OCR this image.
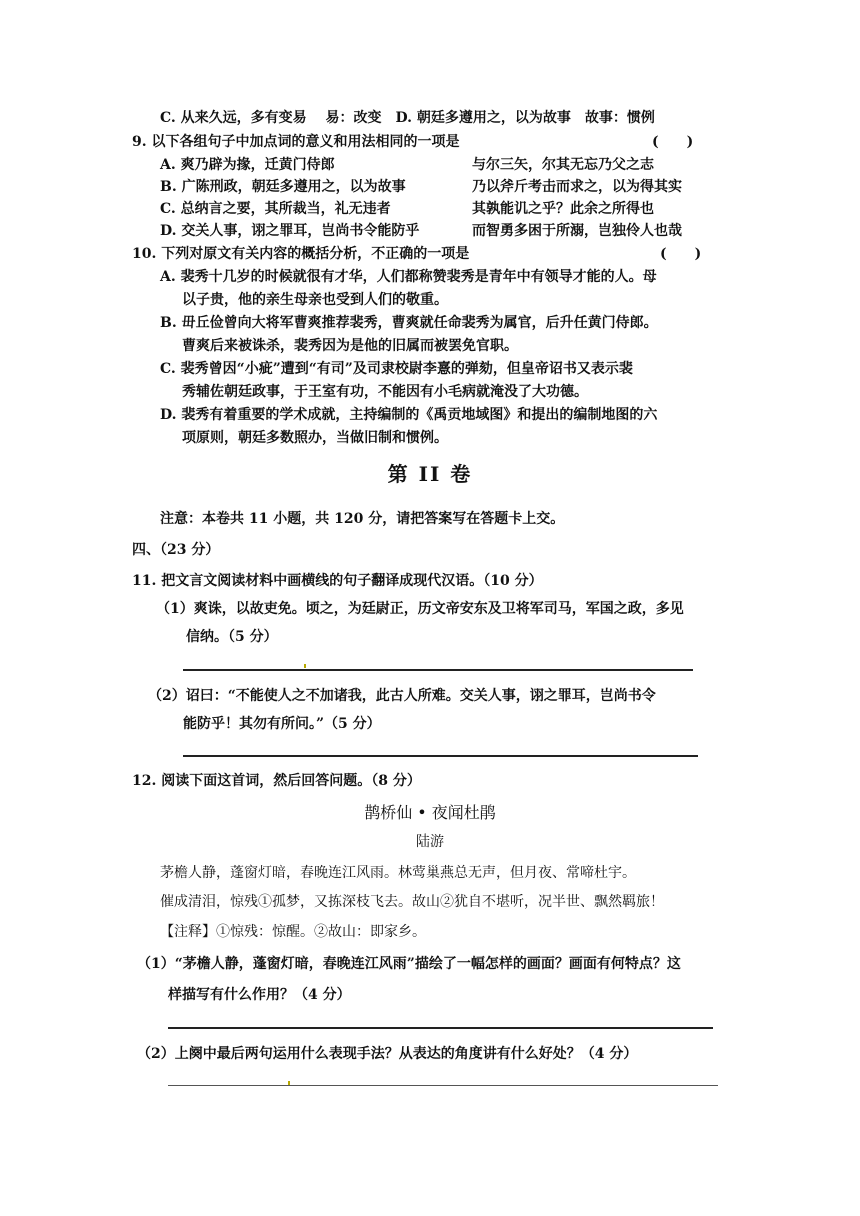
C. 从来久远，多有变易　 易：改变　D. 朝廷多遵用之，以为故事　故事：惯例
9. 以下各组句子中加点词的意义和用法相同的一项是	(　　)
A. 爽乃辟为掾，迁黄门侍郎	与尔三矢，尔其无忘乃父之志
B. 广陈刑政，朝廷多遵用之，以为故事	乃以斧斤考击而求之，以为得其实
C. 总纳言之要，其所裁当，礼无违者	其孰能讥之乎？此余之所得也
D. 交关人事，诩之罪耳，岂尚书令能防乎	而智勇多困于所溺，岂独伶人也哉
10. 下列对原文有关内容的概括分析，不正确的一项是	(　　)
A. 裴秀十几岁的时候就很有才华，人们都称赞裴秀是青年中有领导才能的人。母
以子贵，他的亲生母亲也受到人们的敬重。
B. 毌丘俭曾向大将军曹爽推荐裴秀，曹爽就任命裴秀为属官，后升任黄门侍郎。
曹爽后来被诛杀，裴秀因为是他的旧属而被罢免官职。
C. 裴秀曾因“小疵”遭到“有司”及司隶校尉李憙的弹劾，但皇帝诏书又表示裴
秀辅佐朝廷政事，于王室有功，不能因有小毛病就淹没了大功德。
D. 裴秀有着重要的学术成就，主持编制的《禹贡地域图》和提出的编制地图的六
项原则，朝廷多数照办，当做旧制和惯例。
第 II 卷
注意：本卷共 11 小题，共 120 分，请把答案写在答题卡上交。
四、（23 分）
11. 把文言文阅读材料中画横线的句子翻译成现代汉语。（10 分）
（1）爽诛，以故吏免。顷之，为廷尉正，历文帝安东及卫将军司马，军国之政，多见
信纳。（5 分）
（2）诏曰：“不能使人之不加诸我，此古人所难。交关人事，诩之罪耳，岂尚书令
能防乎！其勿有所问。”（5 分）
12. 阅读下面这首词，然后回答问题。（8 分）
鹊桥仙 • 夜闻杜鹃
陆游
茅檐人静，蓬窗灯暗，春晚连江风雨。林莺巢燕总无声，但月夜、常啼杜宇。
催成清泪，惊残①孤梦，又拣深枝飞去。故山②犹自不堪听，况半世、飘然羁旅！
【注释】①惊残：惊醒。②故山：即家乡。
（1）“茅檐人静，蓬窗灯暗，春晚连江风雨”描绘了一幅怎样的画面？画面有何特点？这
样描写有什么作用？（4 分）
（2）上阕中最后两句运用什么表现手法？从表达的角度讲有什么好处？（4 分）
